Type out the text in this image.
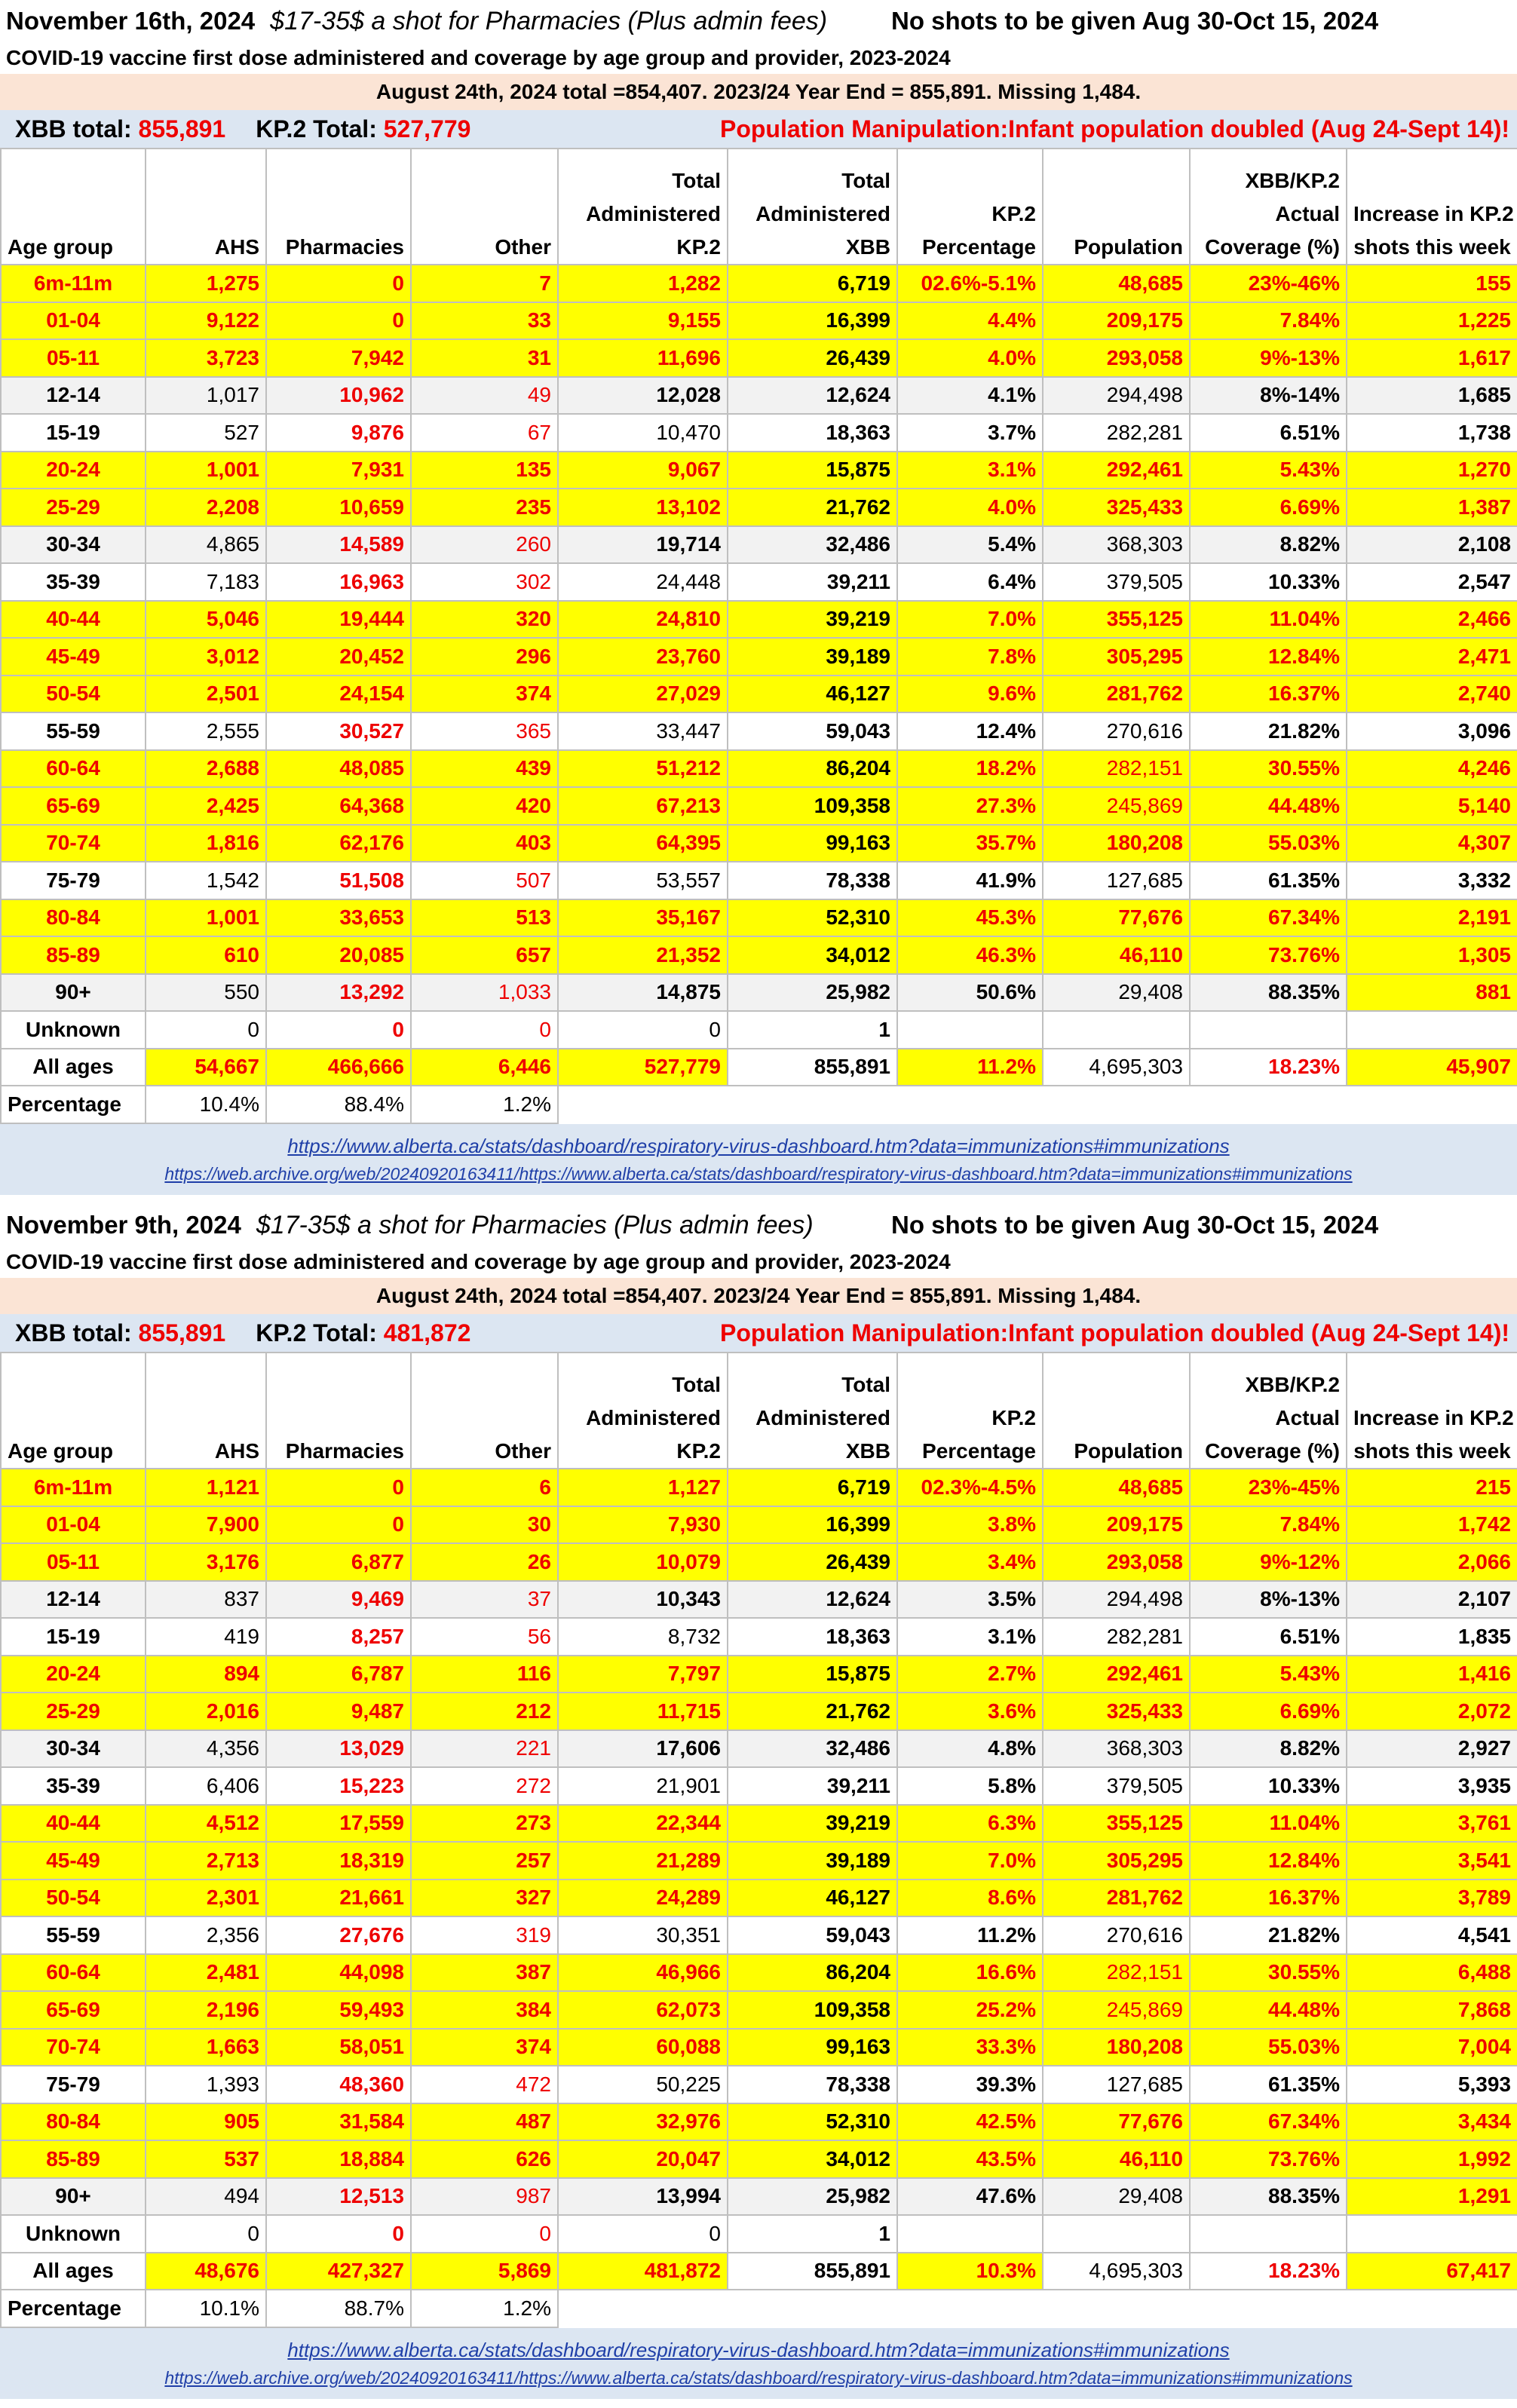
November 16th, 2024 $17-35$ a shot for Pharmacies (Plus admin fees)	No shots to be given Aug 30-Oct 15, 2024
COVID-19 vaccine first dose administered and coverage by age group and provider, 2023-2024
August 24th, 2024 total =854,407. 2023/24 Year End = 855,891. Missing 1,484.
XBB total:
855,891 KP.2 Total:
527,779	Population Manipulation:Infant population doubled (Aug 24-Sept 14)!
Age group	AHS	Pharmacies	Other	Total
Administered
KP.2	Total
Administered
XBB	KP.2
Percentage	Population	XBB/KP.2
Actual
Coverage (%)	Increase in KP.2
shots this week
6m-11m	1,275	0	7	1,282	6,719	02.6%-5.1%	48,685	23%-46%	155
01-04	9,122	0	33	9,155	16,399	4.4%	209,175	7.84%	1,225
05-11	3,723	7,942	31	11,696	26,439	4.0%	293,058	9%-13%	1,617
12-14	1,017	10,962	49	12,028	12,624	4.1%	294,498	8%-14%	1,685
15-19	527	9,876	67	10,470	18,363	3.7%	282,281	6.51%	1,738
20-24	1,001	7,931	135	9,067	15,875	3.1%	292,461	5.43%	1,270
25-29	2,208	10,659	235	13,102	21,762	4.0%	325,433	6.69%	1,387
30-34	4,865	14,589	260	19,714	32,486	5.4%	368,303	8.82%	2,108
35-39	7,183	16,963	302	24,448	39,211	6.4%	379,505	10.33%	2,547
40-44	5,046	19,444	320	24,810	39,219	7.0%	355,125	11.04%	2,466
45-49	3,012	20,452	296	23,760	39,189	7.8%	305,295	12.84%	2,471
50-54	2,501	24,154	374	27,029	46,127	9.6%	281,762	16.37%	2,740
55-59	2,555	30,527	365	33,447	59,043	12.4%	270,616	21.82%	3,096
60-64	2,688	48,085	439	51,212	86,204	18.2%	282,151	30.55%	4,246
65-69	2,425	64,368	420	67,213	109,358	27.3%	245,869	44.48%	5,140
70-74	1,816	62,176	403	64,395	99,163	35.7%	180,208	55.03%	4,307
75-79	1,542	51,508	507	53,557	78,338	41.9%	127,685	61.35%	3,332
80-84	1,001	33,653	513	35,167	52,310	45.3%	77,676	67.34%	2,191
85-89	610	20,085	657	21,352	34,012	46.3%	46,110	73.76%	1,305
90+	550	13,292	1,033	14,875	25,982	50.6%	29,408	88.35%	881
Unknown	0	0	0	0	1				
All ages	54,667	466,666	6,446	527,779	855,891	11.2%	4,695,303	18.23%	45,907
Percentage	10.4%	88.4%	1.2%						
https://www.alberta.ca/stats/dashboard/respiratory-virus-dashboard.htm?data=immunizations#immunizations
https://web.archive.org/web/20240920163411/https://www.alberta.ca/stats/dashboard/respiratory-virus-dashboard.htm?data=immunizations#immunizations
November 9th, 2024 $17-35$ a shot for Pharmacies (Plus admin fees)	No shots to be given Aug 30-Oct 15, 2024
COVID-19 vaccine first dose administered and coverage by age group and provider, 2023-2024
August 24th, 2024 total =854,407. 2023/24 Year End = 855,891. Missing 1,484.
XBB total:
855,891 KP.2 Total:
481,872	Population Manipulation:Infant population doubled (Aug 24-Sept 14)!
Age group	AHS	Pharmacies	Other	Total
Administered
KP.2	Total
Administered
XBB	KP.2
Percentage	Population	XBB/KP.2
Actual
Coverage (%)	Increase in KP.2
shots this week
6m-11m	1,121	0	6	1,127	6,719	02.3%-4.5%	48,685	23%-45%	215
01-04	7,900	0	30	7,930	16,399	3.8%	209,175	7.84%	1,742
05-11	3,176	6,877	26	10,079	26,439	3.4%	293,058	9%-12%	2,066
12-14	837	9,469	37	10,343	12,624	3.5%	294,498	8%-13%	2,107
15-19	419	8,257	56	8,732	18,363	3.1%	282,281	6.51%	1,835
20-24	894	6,787	116	7,797	15,875	2.7%	292,461	5.43%	1,416
25-29	2,016	9,487	212	11,715	21,762	3.6%	325,433	6.69%	2,072
30-34	4,356	13,029	221	17,606	32,486	4.8%	368,303	8.82%	2,927
35-39	6,406	15,223	272	21,901	39,211	5.8%	379,505	10.33%	3,935
40-44	4,512	17,559	273	22,344	39,219	6.3%	355,125	11.04%	3,761
45-49	2,713	18,319	257	21,289	39,189	7.0%	305,295	12.84%	3,541
50-54	2,301	21,661	327	24,289	46,127	8.6%	281,762	16.37%	3,789
55-59	2,356	27,676	319	30,351	59,043	11.2%	270,616	21.82%	4,541
60-64	2,481	44,098	387	46,966	86,204	16.6%	282,151	30.55%	6,488
65-69	2,196	59,493	384	62,073	109,358	25.2%	245,869	44.48%	7,868
70-74	1,663	58,051	374	60,088	99,163	33.3%	180,208	55.03%	7,004
75-79	1,393	48,360	472	50,225	78,338	39.3%	127,685	61.35%	5,393
80-84	905	31,584	487	32,976	52,310	42.5%	77,676	67.34%	3,434
85-89	537	18,884	626	20,047	34,012	43.5%	46,110	73.76%	1,992
90+	494	12,513	987	13,994	25,982	47.6%	29,408	88.35%	1,291
Unknown	0	0	0	0	1				
All ages	48,676	427,327	5,869	481,872	855,891	10.3%	4,695,303	18.23%	67,417
Percentage	10.1%	88.7%	1.2%						
https://www.alberta.ca/stats/dashboard/respiratory-virus-dashboard.htm?data=immunizations#immunizations
https://web.archive.org/web/20240920163411/https://www.alberta.ca/stats/dashboard/respiratory-virus-dashboard.htm?data=immunizations#immunizations
